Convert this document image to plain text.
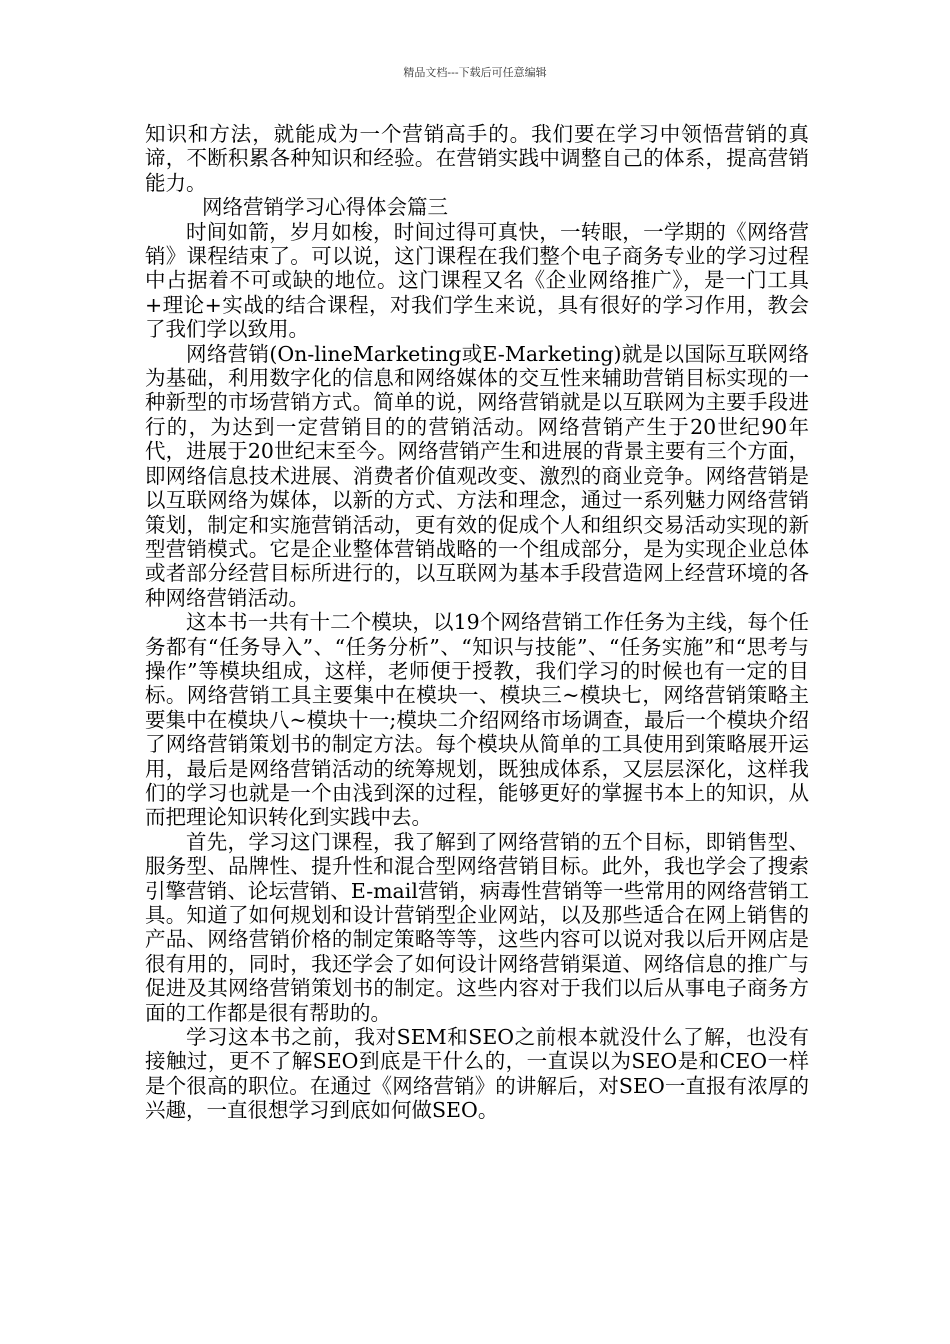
精品文档---下载后可任意编辑

知识和方法，就能成为一个营销高手的。我们要在学习中领悟营销的真谛，不断积累各种知识和经验。在营销实践中调整自己的体系，提高营销能力。

网络营销学习心得体会篇三

时间如箭，岁月如梭，时间过得可真快，一转眼，一学期的《网络营销》课程结束了。可以说，这门课程在我们整个电子商务专业的学习过程中占据着不可或缺的地位。这门课程又名《企业网络推广》，是一门工具+理论+实战的结合课程，对我们学生来说，具有很好的学习作用，教会了我们学以致用。

网络营销(On-lineMarketing或E-Marketing)就是以国际互联网络为基础，利用数字化的信息和网络媒体的交互性来辅助营销目标实现的一种新型的市场营销方式。简单的说，网络营销就是以互联网为主要手段进行的，为达到一定营销目的的营销活动。网络营销产生于20世纪90年代，进展于20世纪末至今。网络营销产生和进展的背景主要有三个方面，即网络信息技术进展、消费者价值观改变、激烈的商业竞争。网络营销是以互联网络为媒体，以新的方式、方法和理念，通过一系列魅力网络营销策划，制定和实施营销活动，更有效的促成个人和组织交易活动实现的新型营销模式。它是企业整体营销战略的一个组成部分，是为实现企业总体或者部分经营目标所进行的，以互联网为基本手段营造网上经营环境的各种网络营销活动。

这本书一共有十二个模块，以19个网络营销工作任务为主线，每个任务都有“任务导入”、“任务分析”、“知识与技能”、“任务实施”和“思考与操作”等模块组成，这样，老师便于授教，我们学习的时候也有一定的目标。网络营销工具主要集中在模块一、模块三~模块七，网络营销策略主要集中在模块八~模块十一;模块二介绍网络市场调查，最后一个模块介绍了网络营销策划书的制定方法。每个模块从简单的工具使用到策略展开运用，最后是网络营销活动的统筹规划，既独成体系，又层层深化，这样我们的学习也就是一个由浅到深的过程，能够更好的掌握书本上的知识，从而把理论知识转化到实践中去。

首先，学习这门课程，我了解到了网络营销的五个目标，即销售型、服务型、品牌性、提升性和混合型网络营销目标。此外，我也学会了搜索引擎营销、论坛营销、E-mail营销，病毒性营销等一些常用的网络营销工具。知道了如何规划和设计营销型企业网站，以及那些适合在网上销售的产品、网络营销价格的制定策略等等，这些内容可以说对我以后开网店是很有用的，同时，我还学会了如何设计网络营销渠道、网络信息的推广与促进及其网络营销策划书的制定。这些内容对于我们以后从事电子商务方面的工作都是很有帮助的。

学习这本书之前，我对SEM和SEO之前根本就没什么了解，也没有接触过，更不了解SEO到底是干什么的，一直误以为SEO是和CEO一样是个很高的职位。在通过《网络营销》的讲解后，对SEO一直报有浓厚的兴趣，一直很想学习到底如何做SEO。
